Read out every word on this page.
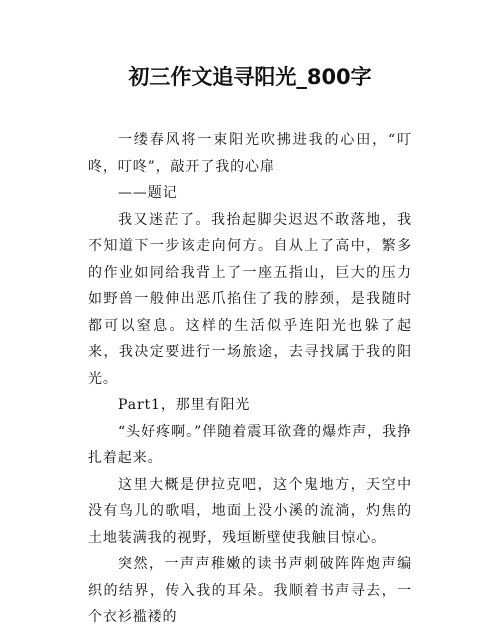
初三作文追寻阳光_800字

一缕春风将一束阳光吹拂进我的心田，“叮咚，叮咚”，敲开了我的心扉

——题记

我又迷茫了。我抬起脚尖迟迟不敢落地，我不知道下一步该走向何方。自从上了高中，繁多的作业如同给我背上了一座五指山，巨大的压力如野兽一般伸出恶爪掐住了我的脖颈，是我随时都可以窒息。这样的生活似乎连阳光也躲了起来，我决定要进行一场旅途，去寻找属于我的阳光。

Part1，那里有阳光

“头好疼啊。”伴随着震耳欲聋的爆炸声，我挣扎着起来。

这里大概是伊拉克吧，这个鬼地方，天空中没有鸟儿的歌唱，地面上没小溪的流淌，灼焦的土地装满我的视野，残垣断壁使我触目惊心。

突然，一声声稚嫩的读书声刺破阵阵炮声编织的结界，传入我的耳朵。我顺着书声寻去，一个衣衫褴褛的
